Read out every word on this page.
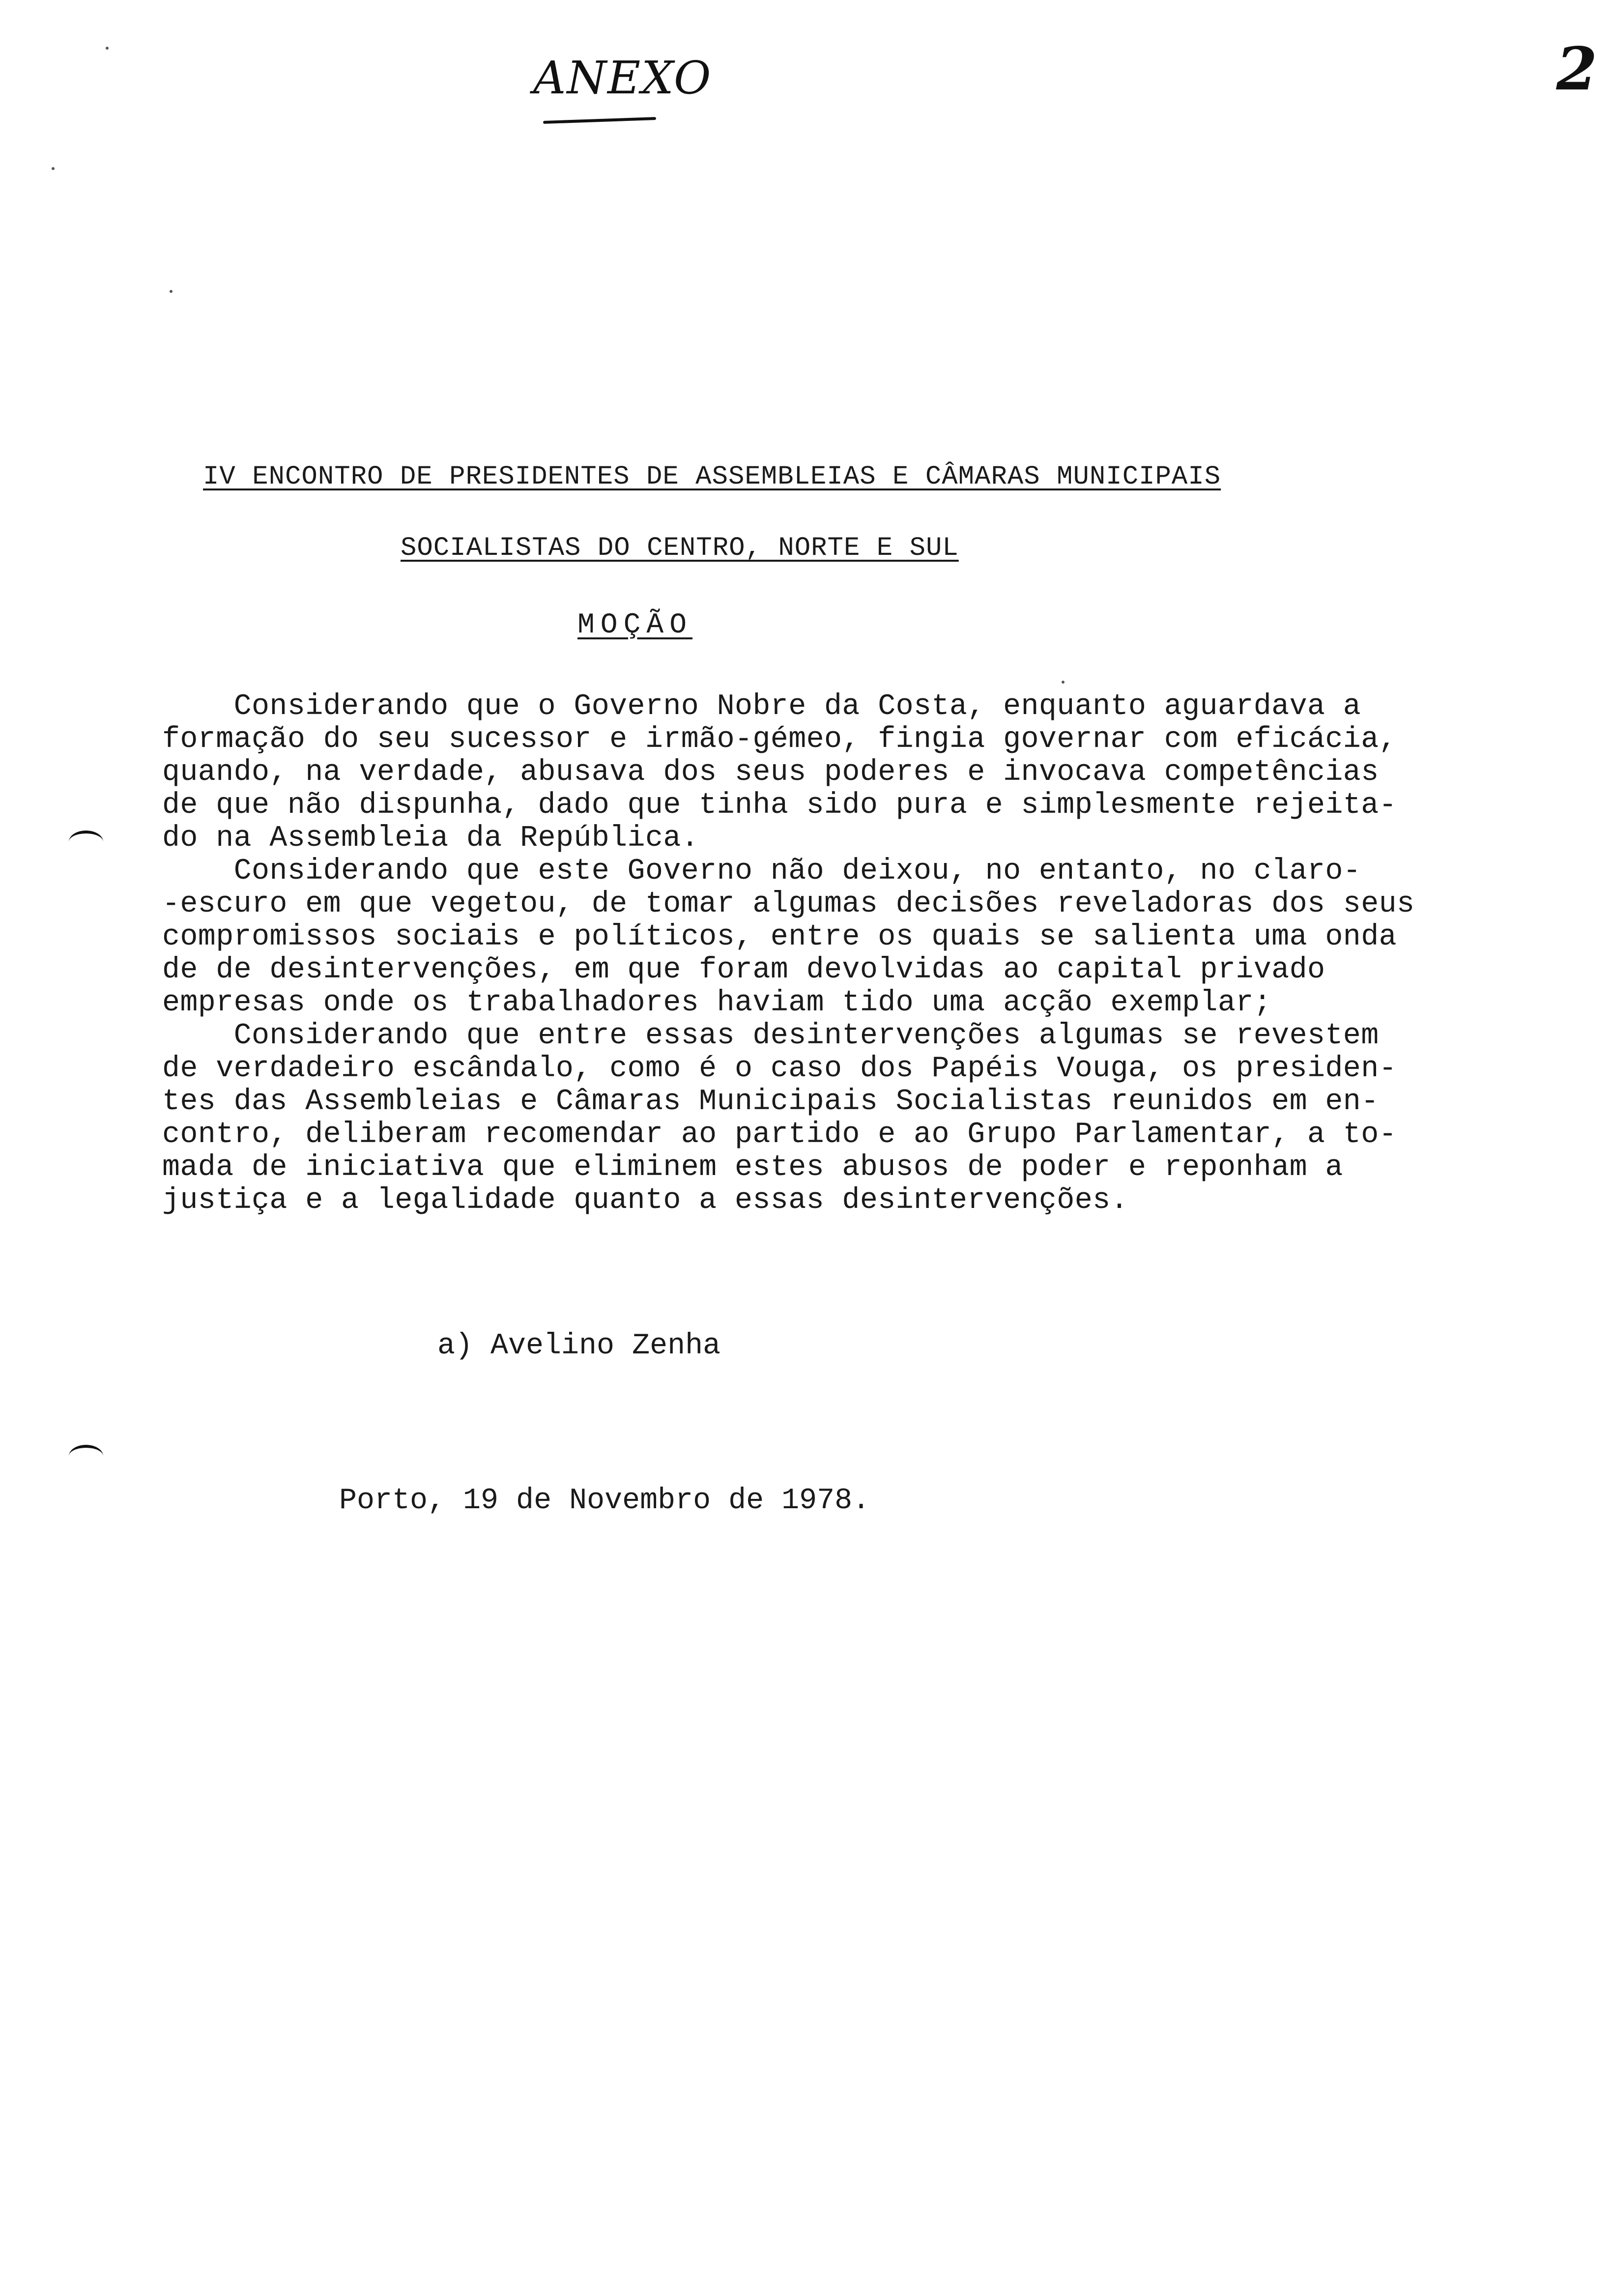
ANEXO	2
IV ENCONTRO DE PRESIDENTES DE ASSEMBLEIAS E CÂMARAS MUNICIPAIS
SOCIALISTAS DO CENTRO, NORTE E SUL
MOÇÃO
Considerando que o Governo Nobre da Costa, enquanto aguardava a
formação do seu sucessor e irmão-gémeo, fingia governar com eficácia,
quando, na verdade, abusava dos seus poderes e invocava competências
de que não dispunha, dado que tinha sido pura e simplesmente rejeita-
do na Assembleia da República.
Considerando que este Governo não deixou, no entanto, no claro-
-escuro em que vegetou, de tomar algumas decisões reveladoras dos seus
compromissos sociais e políticos, entre os quais se salienta uma onda
de de desintervenções, em que foram devolvidas ao capital privado
empresas onde os trabalhadores haviam tido uma acção exemplar;
Considerando que entre essas desintervenções algumas se revestem
de verdadeiro escândalo, como é o caso dos Papéis Vouga, os presiden-
tes das Assembleias e Câmaras Municipais Socialistas reunidos em en-
contro, deliberam recomendar ao partido e ao Grupo Parlamentar, a to-
mada de iniciativa que eliminem estes abusos de poder e reponham a
justiça e a legalidade quanto a essas desintervenções.
a) Avelino Zenha
Porto, 19 de Novembro de 1978.
